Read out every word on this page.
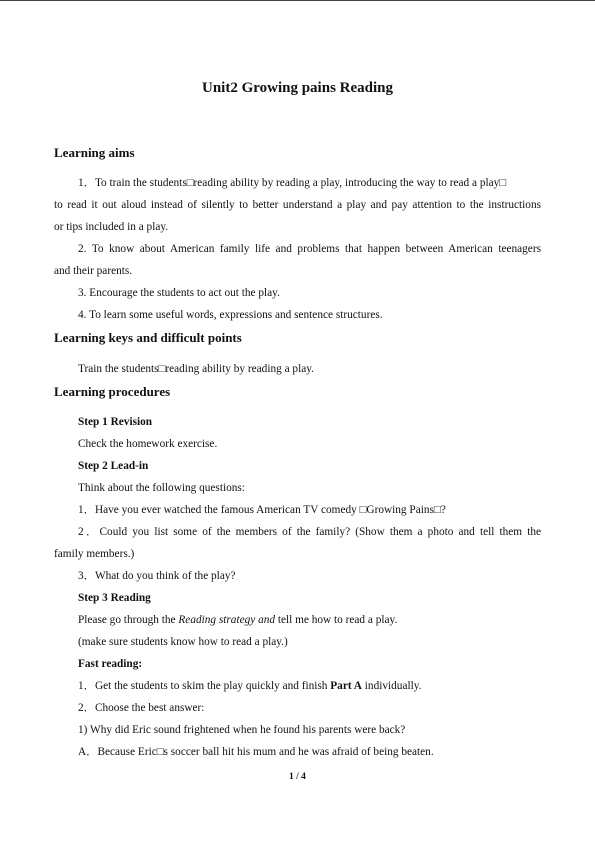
Unit2 Growing pains Reading
Learning aims
1．To train the students□reading ability by reading a play, introducing the way to read a play□
to read it out aloud instead of silently to better understand a play and pay attention to the instructions
or tips included in a play.
2. To know about American family life and problems that happen between American teenagers
and their parents.
3. Encourage the students to act out the play.
4. To learn some useful words, expressions and sentence structures.
Learning keys and difficult points
Train the students□reading ability by reading a play.
Learning procedures
Step 1 Revision
Check the homework exercise.
Step 2 Lead-in
Think about the following questions:
1．Have you ever watched the famous American TV comedy □Growing Pains□?
2．Could you list some of the members of the family? (Show them a photo and tell them the
family members.)
3．What do you think of the play?
Step 3 Reading
Please go through the Reading strategy and tell me how to read a play.
(make sure students know how to read a play.)
Fast reading:
1．Get the students to skim the play quickly and finish Part A individually.
2．Choose the best answer:
1) Why did Eric sound frightened when he found his parents were back?
A．Because Eric□s soccer ball hit his mum and he was afraid of being beaten.
1 / 4
